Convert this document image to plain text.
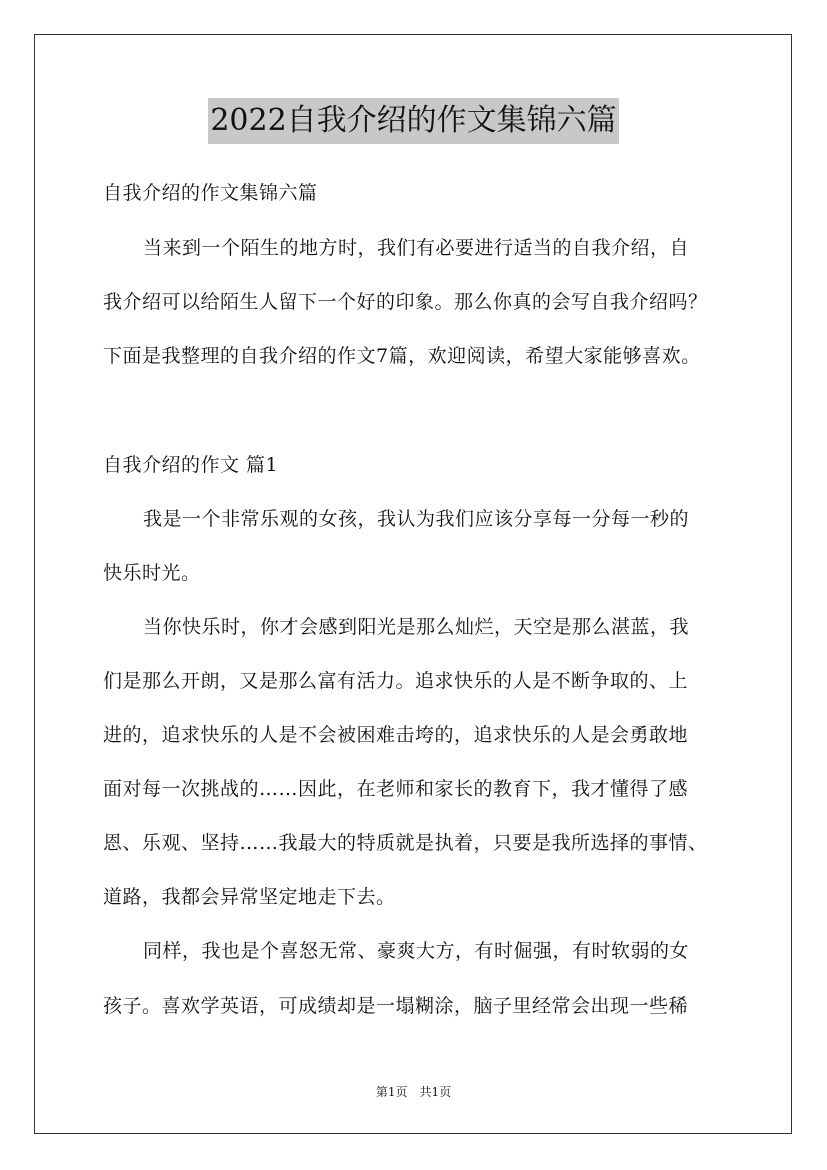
2022自我介绍的作文集锦六篇
自我介绍的作文集锦六篇
当来到一个陌生的地方时，我们有必要进行适当的自我介绍，自
我介绍可以给陌生人留下一个好的印象。那么你真的会写自我介绍吗？
下面是我整理的自我介绍的作文7篇，欢迎阅读，希望大家能够喜欢。
自我介绍的作文 篇1
我是一个非常乐观的女孩，我认为我们应该分享每一分每一秒的
快乐时光。
当你快乐时，你才会感到阳光是那么灿烂，天空是那么湛蓝，我
们是那么开朗，又是那么富有活力。追求快乐的人是不断争取的、上
进的，追求快乐的人是不会被困难击垮的，追求快乐的人是会勇敢地
面对每一次挑战的……因此，在老师和家长的教育下，我才懂得了感
恩、乐观、坚持……我最大的特质就是执着，只要是我所选择的事情、
道路，我都会异常坚定地走下去。
同样，我也是个喜怒无常、豪爽大方，有时倔强，有时软弱的女
孩子。喜欢学英语，可成绩却是一塌糊涂，脑子里经常会出现一些稀
第1页 共1页
